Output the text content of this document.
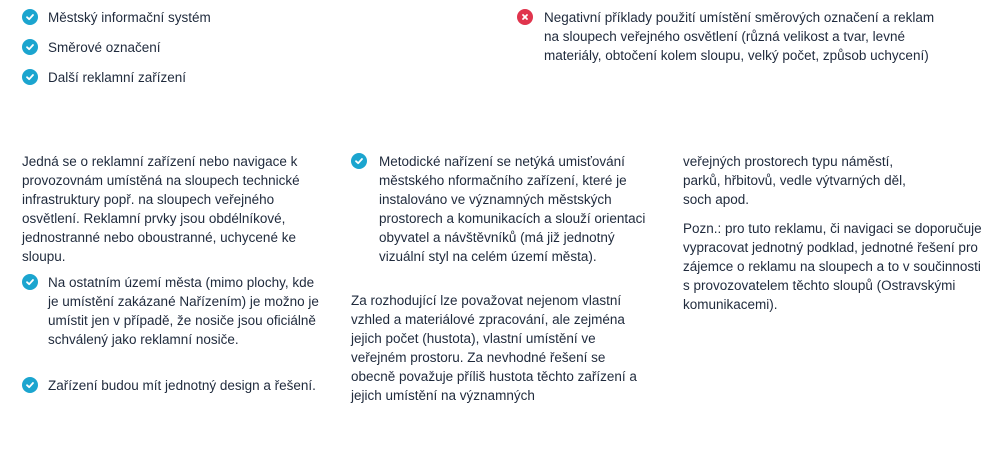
Městský informační systém
Směrové označení
Další reklamní zařízení
Negativní příklady použití umístění směrových označení a reklam na sloupech veřejného osvětlení (různá velikost a tvar, levné materiály, obtočení kolem sloupu, velký počet, způsob uchycení)
Jedná se o reklamní zařízení nebo navigace k provozovnám umístěná na sloupech technické infrastruktury popř. na sloupech veřejného osvětlení. Reklamní prvky jsou obdélníkové, jednostranné nebo oboustranné, uchycené ke sloupu.
Na ostatním území města (mimo plochy, kde je umístění zakázané Nařízením) je možno je umístit jen v případě, že nosiče jsou oficiálně schválený jako reklamní nosiče.
Zařízení budou mít jednotný design a řešení.
Metodické nařízení se netýká umisťování městského nformačního zařízení, které je instalováno ve významných městských prostorech a komunikacích a slouží orientaci obyvatel a návštěvníků (má již jednotný vizuální styl na celém území města).
Za rozhodující lze považovat nejenom vlastní vzhled a materiálové zpracování, ale zejména jejich počet (hustota), vlastní umístění ve veřejném prostoru. Za nevhodné řešení se obecně považuje příliš hustota těchto zařízení a jejich umístění na významných
veřejných prostorech typu náměstí, parků, hřbitovů, vedle výtvarných děl, soch apod.
Pozn.: pro tuto reklamu, či navigaci se doporučuje vypracovat jednotný podklad, jednotné řešení pro zájemce o reklamu na sloupech a to v součinnosti s provozovatelem těchto sloupů (Ostravskými komunikacemi).
